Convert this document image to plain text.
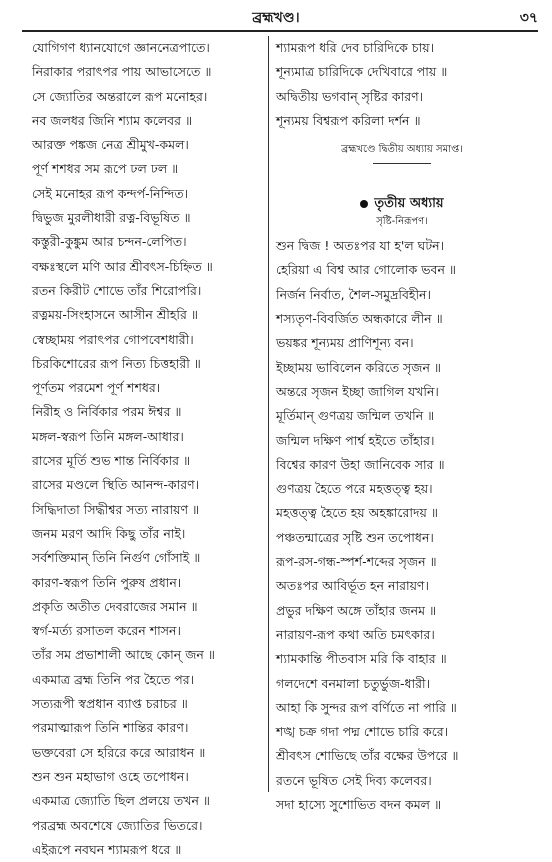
ব্রহ্মখণ্ড।	৩৭
যোগিগণ ধ্যানযোগে জ্ঞাননেত্রপাতে।
নিরাকার পরাৎপর পায় আভাসেতে ॥
সে জ্যোতির অন্তরালে রূপ মনোহর।
নব জলধর জিনি শ্যাম কলেবর ॥
আরক্ত পঙ্কজ নেত্র শ্রীমুখ-কমল।
পূর্ণ শশধর সম রূপে ঢল ঢল ॥
সেই মনোহর রূপ কন্দর্প-নিন্দিত।
দ্বিভুজ মুরলীধারী রত্ন-বিভূষিত ॥
কস্তুরী-কুঙ্কুম আর চন্দন-লেপিত।
বক্ষঃস্থলে মণি আর শ্রীবৎস-চিহ্নিত ॥
রতন কিরীট শোভে তাঁর শিরোপরি।
রত্নময়-সিংহাসনে আসীন শ্রীহরি ॥
স্বেচ্ছাময় পরাৎপর গোপবেশধারী।
চিরকিশোরের রূপ নিত্য চিত্তহারী ॥
পূর্ণতম পরমেশ পূর্ণ শশধর।
নিরীহ ও নির্বিকার পরম ঈশ্বর ॥
মঙ্গল-স্বরূপ তিনি মঙ্গল-আধার।
রাসের মূর্তি শুভ শান্ত নির্বিকার ॥
রাসের মণ্ডলে স্থিতি আনন্দ-কারণ।
সিদ্ধিদাতা সিদ্ধীশ্বর সত্য নারায়ণ ॥
জনম মরণ আদি কিছু তাঁর নাই।
সর্বশক্তিমান্ তিনি নির্গুণ গোঁসাই ॥
কারণ-স্বরূপ তিনি পুরুষ প্রধান।
প্রকৃতি অতীত দেবরাজের সমান ॥
স্বর্গ-মর্ত্য রসাতল করেন শাসন।
তাঁর সম প্রভাশালী আছে কোন্ জন ॥
একমাত্র ব্রহ্ম তিনি পর হৈতে পর।
সত্যরূপী স্বপ্রধান ব্যাপ্ত চরাচর ॥
পরমাত্মারূপ তিনি শান্তির কারণ।
ভক্তবেরা সে হরিরে করে আরাধন ॥
শুন শুন মহাভাগ ওহে তপোধন।
একমাত্র জ্যোতি ছিল প্রলয়ে তখন ॥
পরব্রহ্ম অবশেষে জ্যোতির ভিতরে।
এইরূপে নবঘন শ্যামরূপ ধরে ॥
শ্যামরূপ ধরি দেব চারিদিকে চায়।
শূন্যমাত্র চারিদিকে দেখিবারে পায় ॥
অদ্বিতীয় ভগবান্ সৃষ্টির কারণ।
শূন্যময় বিশ্বরূপ করিলা দর্শন ॥
ব্রহ্মখণ্ডে দ্বিতীয় অধ্যায় সমাপ্ত।
তৃতীয় অধ্যায়
সৃষ্টি-নিরূপণ।
শুন দ্বিজ ! অতঃপর যা হ'ল ঘটন।
হেরিয়া এ বিশ্ব আর গোলোক ভবন ॥
নির্জন নির্বাত, শৈল-সমুদ্রবিহীন।
শস্যতৃণ-বিবর্জিত অন্ধকারে লীন ॥
ভয়ঙ্কর শূন্যময় প্রাণিশূন্য বন।
ইচ্ছাময় ভাবিলেন করিতে সৃজন ॥
অন্তরে সৃজন ইচ্ছা জাগিল যখনি।
মূর্তিমান্ গুণত্রয় জন্মিল তখনি ॥
জন্মিল দক্ষিণ পার্শ্ব হইতে তাঁহার।
বিশ্বের কারণ উহা জানিবেক সার ॥
গুণত্রয় হৈতে পরে মহত্তত্ত্ব হয়।
মহত্তত্ত্ব হৈতে হয় অহঙ্কারোদয় ॥
পঞ্চতন্মাত্রের সৃষ্টি শুন তপোধন।
রূপ-রস-গন্ধ-স্পর্শ-শব্দের সৃজন ॥
অতঃপর আবির্ভূত হন নারায়ণ।
প্রভুর দক্ষিণ অঙ্গে তাঁহার জনম ॥
নারায়ণ-রূপ কথা অতি চমৎকার।
শ্যামকান্তি পীতবাস মরি কি বাহার ॥
গলদেশে বনমালা চতুর্ভুজ-ধারী।
আহা কি সুন্দর রূপ বর্ণিতে না পারি ॥
শঙ্খ চক্র গদা পদ্ম শোভে চারি করে।
শ্রীবৎস শোভিছে তাঁর বক্ষের উপরে ॥
রতনে ভূষিত সেই দিব্য কলেবর।
সদা হাস্যে সুশোভিত বদন কমল ॥
